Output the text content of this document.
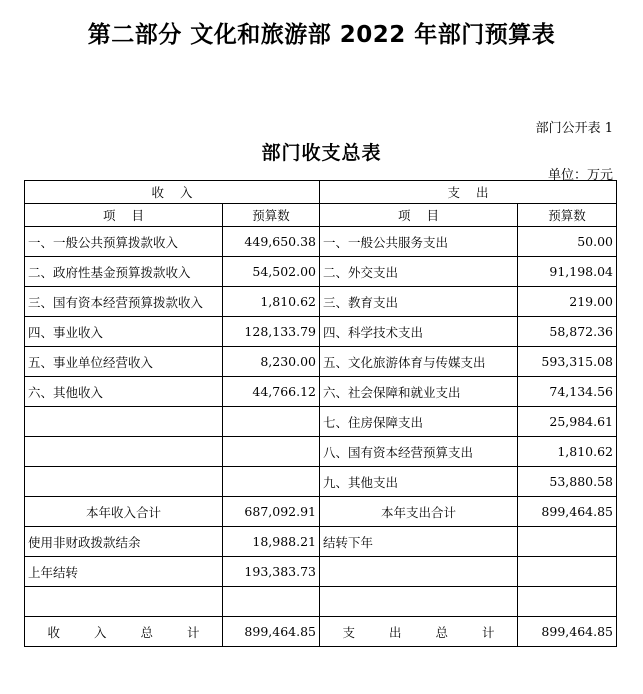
第二部分 文化和旅游部 2022 年部门预算表
部门公开表 1
部门收支总表
单位：万元
收    入		支    出	
项    目	预算数	项    目	预算数
一、一般公共预算拨款收入	449,650.38	一、一般公共服务支出	50.00
二、政府性基金预算拨款收入	54,502.00	二、外交支出	91,198.04
三、国有资本经营预算拨款收入	1,810.62	三、教育支出	219.00
四、事业收入	128,133.79	四、科学技术支出	58,872.36
五、事业单位经营收入	8,230.00	五、文化旅游体育与传媒支出	593,315.08
六、其他收入	44,766.12	六、社会保障和就业支出	74,134.56
		七、住房保障支出	25,984.61
		八、国有资本经营预算支出	1,810.62
		九、其他支出	53,880.58
本年收入合计	687,092.91	本年支出合计	899,464.85
使用非财政拨款结余	18,988.21	结转下年	
上年结转	193,383.73		

收 入 总 计	899,464.85	支 出 总 计	899,464.85
